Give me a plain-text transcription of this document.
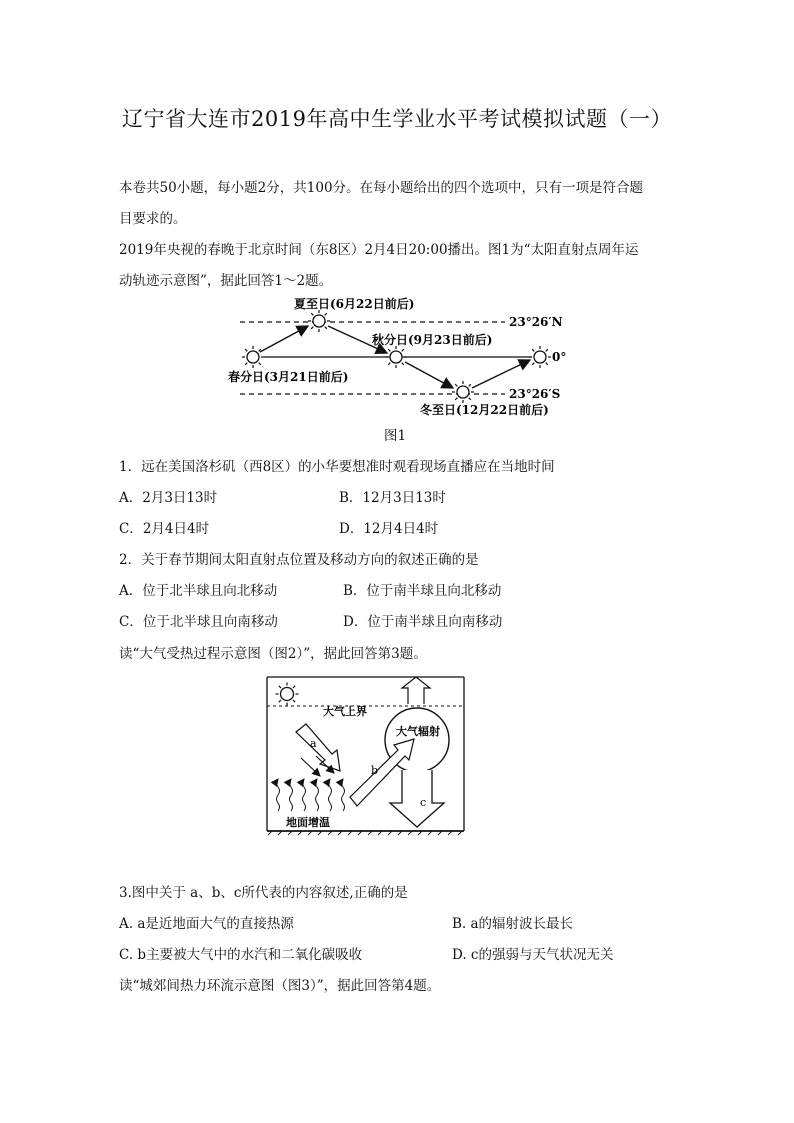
辽宁省大连市2019年高中生学业水平考试模拟试题（一）
本卷共50小题，每小题2分，共100分。在每小题给出的四个选项中，只有一项是符合题
目要求的。
2019年央视的春晚于北京时间（东8区）2月4日20:00播出。图1为“太阳直射点周年运
动轨迹示意图”，据此回答1～2题。
夏至日(6月22日前后)
秋分日(9月23日前后)
春分日(3月21日前后)
冬至日(12月22日前后)
23°26′N
0°
23°26′S
图1
1．远在美国洛杉矶（西8区）的小华要想准时观看现场直播应在当地时间
A．2月3日13时	B．12月3日13时
C．2月4日4时	D．12月4日4时
2．关于春节期间太阳直射点位置及移动方向的叙述正确的是
A．位于北半球且向北移动	B．位于南半球且向北移动
C．位于北半球且向南移动	D．位于南半球且向南移动
读“大气受热过程示意图（图2）”，据此回答第3题。
大气上界
大气辐射
a
b
c
地面增温
3.图中关于 a、b、c所代表的内容叙述,正确的是
A. a是近地面大气的直接热源	B. a的辐射波长最长
C. b主要被大气中的水汽和二氧化碳吸收	D. c的强弱与天气状况无关
读“城郊间热力环流示意图（图3）”，据此回答第4题。
